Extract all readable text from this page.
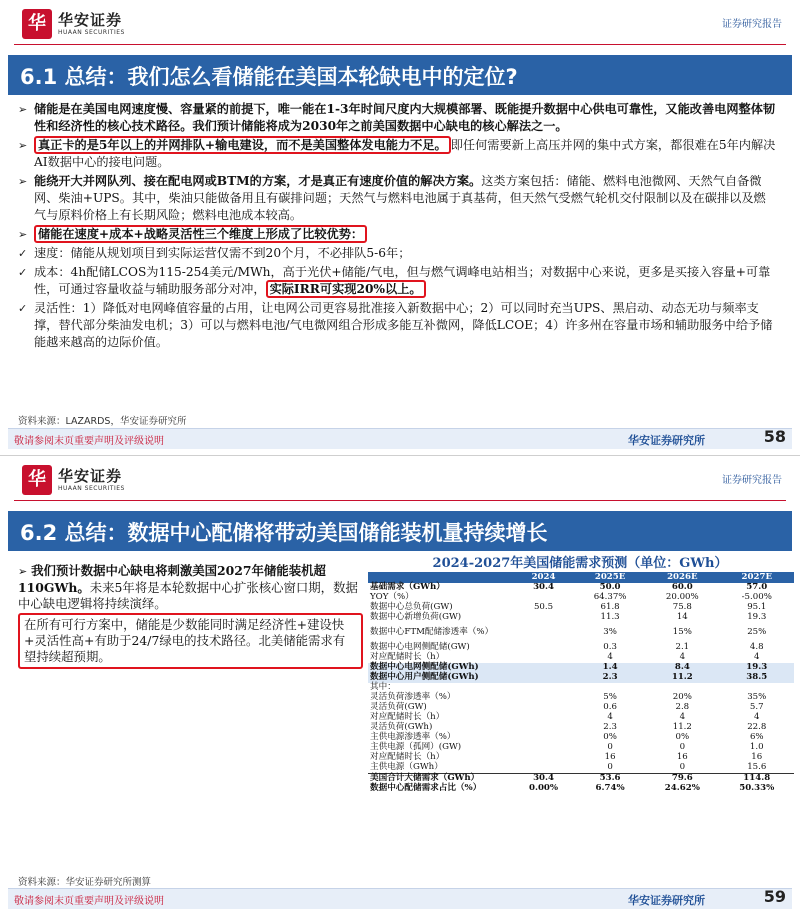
华 华安证券
HUAAN SECURITIES
证券研究报告
6.1 总结：我们怎么看储能在美国本轮缺电中的定位?
➢ 储能是在美国电网速度慢、容量紧的前提下，唯一能在1-3年时间尺度内大规模部署、既能提升数据中心供电可靠性，又能改善电网整体韧性和经济性的核心技术路径。我们预计储能将成为2030年之前美国数据中心缺电的核心解法之一。
➢ 真正卡的是5年以上的并网排队+输电建设，而不是美国整体发电能力不足。 即任何需要新上高压并网的集中式方案，都很难在5年内解决AI数据中心的接电问题。
➢ 能绕开大并网队列、接在配电网或BTM的方案，才是真正有速度价值的解决方案。这类方案包括：储能、燃料电池微网、天然气自备微网、柴油+UPS。其中，柴油只能做备用且有碳排问题；天然气与燃料电池属于真基荷，但天然气受燃气轮机交付限制以及在碳排以及燃气与原料价格上有长期风险；燃料电池成本较高。
➢ 储能在速度+成本+战略灵活性三个维度上形成了比较优势：
✓ 速度：储能从规划项目到实际运营仅需不到20个月，不必排队5-6年；
✓ 成本：4h配储LCOS为115-254美元/MWh，高于光伏+储能/气电，但与燃气调峰电站相当；对数据中心来说，更多是买接入容量+可靠性，可通过容量收益与辅助服务部分对冲， 实际IRR可实现20%以上。
✓ 灵活性：1）降低对电网峰值容量的占用，让电网公司更容易批准接入新数据中心；2）可以同时充当UPS、黑启动、动态无功与频率支撑，替代部分柴油发电机；3）可以与燃料电池/气电微网组合形成多能互补微网，降低LCOE；4）许多州在容量市场和辅助服务中给予储能越来越高的边际价值。
资料来源：LAZARDS，华安证券研究所
敬请参阅末页重要声明及评级说明	华安证券研究所	58
华 华安证券
HUAAN SECURITIES
证券研究报告
6.2 总结：数据中心配储将带动美国储能装机量持续增长
资料来源：华安证券研究所测算
敬请参阅末页重要声明及评级说明	华安证券研究所	59
➢ 我们预计数据中心缺电将刺激美国2027年储能装机超110GWh。未来5年将是本轮数据中心扩张核心窗口期，数据中心缺电逻辑将持续演绎。
在所有可行方案中，储能是少数能同时满足经济性+建设快+灵活性高+有助于24/7绿电的技术路径。北美储能需求有望持续超预期。
2024-2027年美国储能需求预测（单位：GWh）
	2024	2025E	2026E	2027E
基础需求（GWh）	30.4	50.0	60.0	57.0
YOY（%）		64.37%	20.00%	-5.00%
数据中心总负荷(GW)	50.5	61.8	75.8	95.1
数据中心新增负荷(GW)		11.3	14	19.3

数据中心FTM配储渗透率（%）		3%	15%	25%

数据中心电网侧配储(GW)		0.3	2.1	4.8
对应配储时长（h）		4	4	4
数据中心电网侧配储(GWh)		1.4	8.4	19.3
数据中心用户侧配储(GWh)		2.3	11.2	38.5
其中：				
灵活负荷渗透率（%）		5%	20%	35%
灵活负荷(GW)		0.6	2.8	5.7
对应配储时长（h）		4	4	4
灵活负荷(GWh)		2.3	11.2	22.8
主供电源渗透率（%）		0%	0%	6%
主供电源（孤网）(GW)		0	0	1.0
对应配储时长（h）		16	16	16
主供电源（GWh）		0	0	15.6
美国合计大储需求（GWh）	30.4	53.6	79.6	114.8
数据中心配储需求占比（%）	0.00%	6.74%	24.62%	50.33%
